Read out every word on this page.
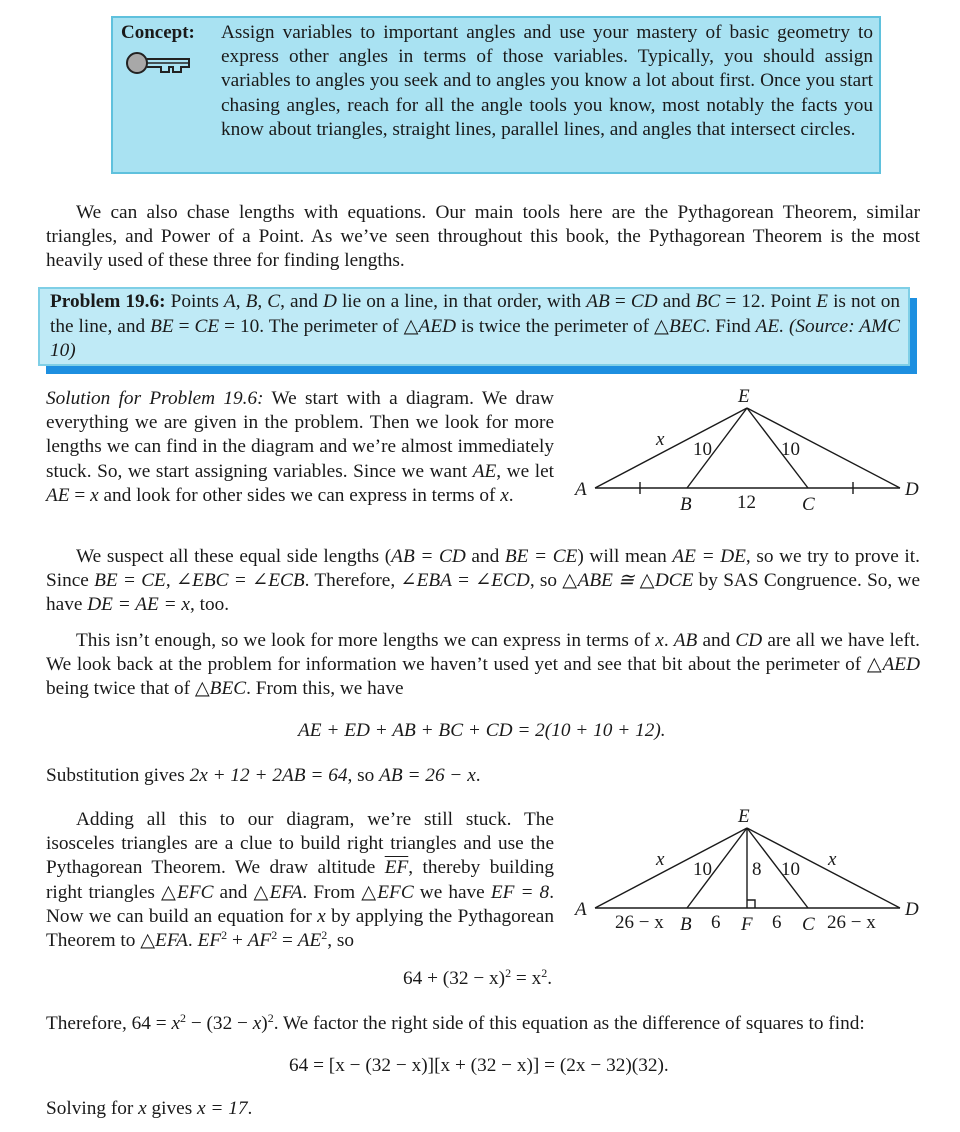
Concept: Assign variables to important angles and use your mastery of basic geometry to express other angles in terms of those variables. Typically, you should assign variables to angles you seek and to angles you know a lot about first. Once you start chasing angles, reach for all the angle tools you know, most notably the facts you know about triangles, straight lines, parallel lines, and angles that intersect circles.
We can also chase lengths with equations. Our main tools here are the Pythagorean Theorem, similar triangles, and Power of a Point. As we’ve seen throughout this book, the Pythagorean Theorem is the most heavily used of these three for finding lengths.
Problem 19.6: Points A, B, C, and D lie on a line, in that order, with AB = CD and BC = 12. Point E is not on the line, and BE = CE = 10. The perimeter of △AED is twice the perimeter of △BEC. Find AE. (Source: AMC 10)
Solution for Problem 19.6: We start with a diagram. We draw everything we are given in the problem. Then we look for more lengths we can find in the diagram and we’re almost immediately stuck. So, we start assigning variables. Since we want AE, we let AE = x and look for other sides we can express in terms of x.
E
A
B	C
D
x 10	10
12
We suspect all these equal side lengths (AB = CD and BE = CE) will mean AE = DE, so we try to prove it. Since BE = CE, ∠EBC = ∠ECB. Therefore, ∠EBA = ∠ECD, so △ABE ≅ △DCE by SAS Congruence. So, we have DE = AE = x, too.
This isn’t enough, so we look for more lengths we can express in terms of x. AB and CD are all we have left. We look back at the problem for information we haven’t used yet and see that bit about the perimeter of △AED being twice that of △BEC. From this, we have
AE + ED + AB + BC + CD = 2(10 + 10 + 12).
Substitution gives 2x + 12 + 2AB = 64, so AB = 26 − x.
Adding all this to our diagram, we’re still stuck. The isosceles triangles are a clue to build right triangles and use the Pythagorean Theorem. We draw altitude $\overline{EF}$, thereby building right triangles △EFC and △EFA. From △EFC we have EF = 8. Now we can build an equation for x by applying the Pythagorean Theorem to △EFA. $EF^2 + AF^2 = AE^2$, so
E
A
B	F	C
D
x 10 8 10 x
26 − x 6	6 26 − x
$64 + (32 - x)^2 = x^2$.
Therefore, $64 = x^2 - (32 - x)^2$. We factor the right side of this equation as the difference of squares to find:
64 = [x − (32 − x)][x + (32 − x)] = (2x − 32)(32).
Solving for x gives x = 17.
